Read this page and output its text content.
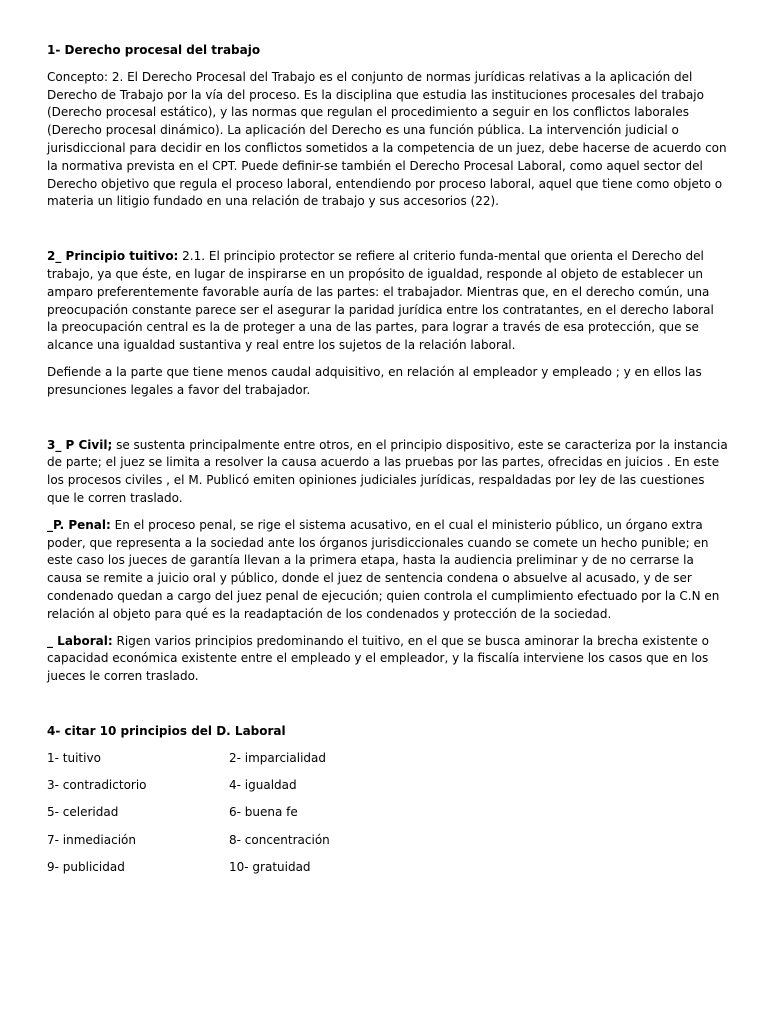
1- Derecho procesal del trabajo

Concepto: 2. El Derecho Procesal del Trabajo es el conjunto de normas jurídicas relativas a la aplicación del Derecho de Trabajo por la vía del proceso. Es la disciplina que estudia las instituciones procesales del trabajo (Derecho procesal estático), y las normas que regulan el procedimiento a seguir en los conflictos laborales (Derecho procesal dinámico). La aplicación del Derecho es una función pública. La intervención judicial o jurisdiccional para decidir en los conflictos sometidos a la competencia de un juez, debe hacerse de acuerdo con la normativa prevista en el CPT. Puede definir-se también el Derecho Procesal Laboral, como aquel sector del Derecho objetivo que regula el proceso laboral, entendiendo por proceso laboral, aquel que tiene como objeto o materia un litigio fundado en una relación de trabajo y sus accesorios (22).

2_ Principio tuitivo: 2.1. El principio protector se refiere al criterio funda-mental que orienta el Derecho del trabajo, ya que éste, en lugar de inspirarse en un propósito de igualdad, responde al objeto de establecer un amparo preferentemente favorable auría de las partes: el trabajador. Mientras que, en el derecho común, una preocupación constante parece ser el asegurar la paridad jurídica entre los contratantes, en el derecho laboral la preocupación central es la de proteger a una de las partes, para lograr a través de esa protección, que se alcance una igualdad sustantiva y real entre los sujetos de la relación laboral.

Defiende a la parte que tiene menos caudal adquisitivo, en relación al empleador y empleado ; y en ellos las presunciones legales a favor del trabajador.

3_ P Civil; se sustenta principalmente entre otros, en el principio dispositivo, este se caracteriza por la instancia de parte; el juez se limita a resolver la causa acuerdo a las pruebas por las partes, ofrecidas en juicios . En este los procesos civiles , el M. Publicó emiten opiniones judiciales jurídicas, respaldadas por ley de las cuestiones que le corren traslado.

_P. Penal: En el proceso penal, se rige el sistema acusativo, en el cual el ministerio público, un órgano extra poder, que representa a la sociedad ante los órganos jurisdiccionales cuando se comete un hecho punible; en este caso los jueces de garantía llevan a la primera etapa, hasta la audiencia preliminar y de no cerrarse la causa se remite a juicio oral y público, donde el juez de sentencia condena o absuelve al acusado, y de ser condenado quedan a cargo del juez penal de ejecución; quien controla el cumplimiento efectuado por la C.N en relación al objeto para qué es la readaptación de los condenados y protección de la sociedad.

_ Laboral: Rigen varios principios predominando el tuitivo, en el que se busca aminorar la brecha existente o capacidad económica existente entre el empleado y el empleador, y la fiscalía interviene los casos que en los jueces le corren traslado.

4- citar 10 principios del D. Laboral
1- tuitivo	2- imparcialidad
3- contradictorio	4- igualdad
5- celeridad	6- buena fe
7- inmediación	8- concentración
9- publicidad	10- gratuidad
